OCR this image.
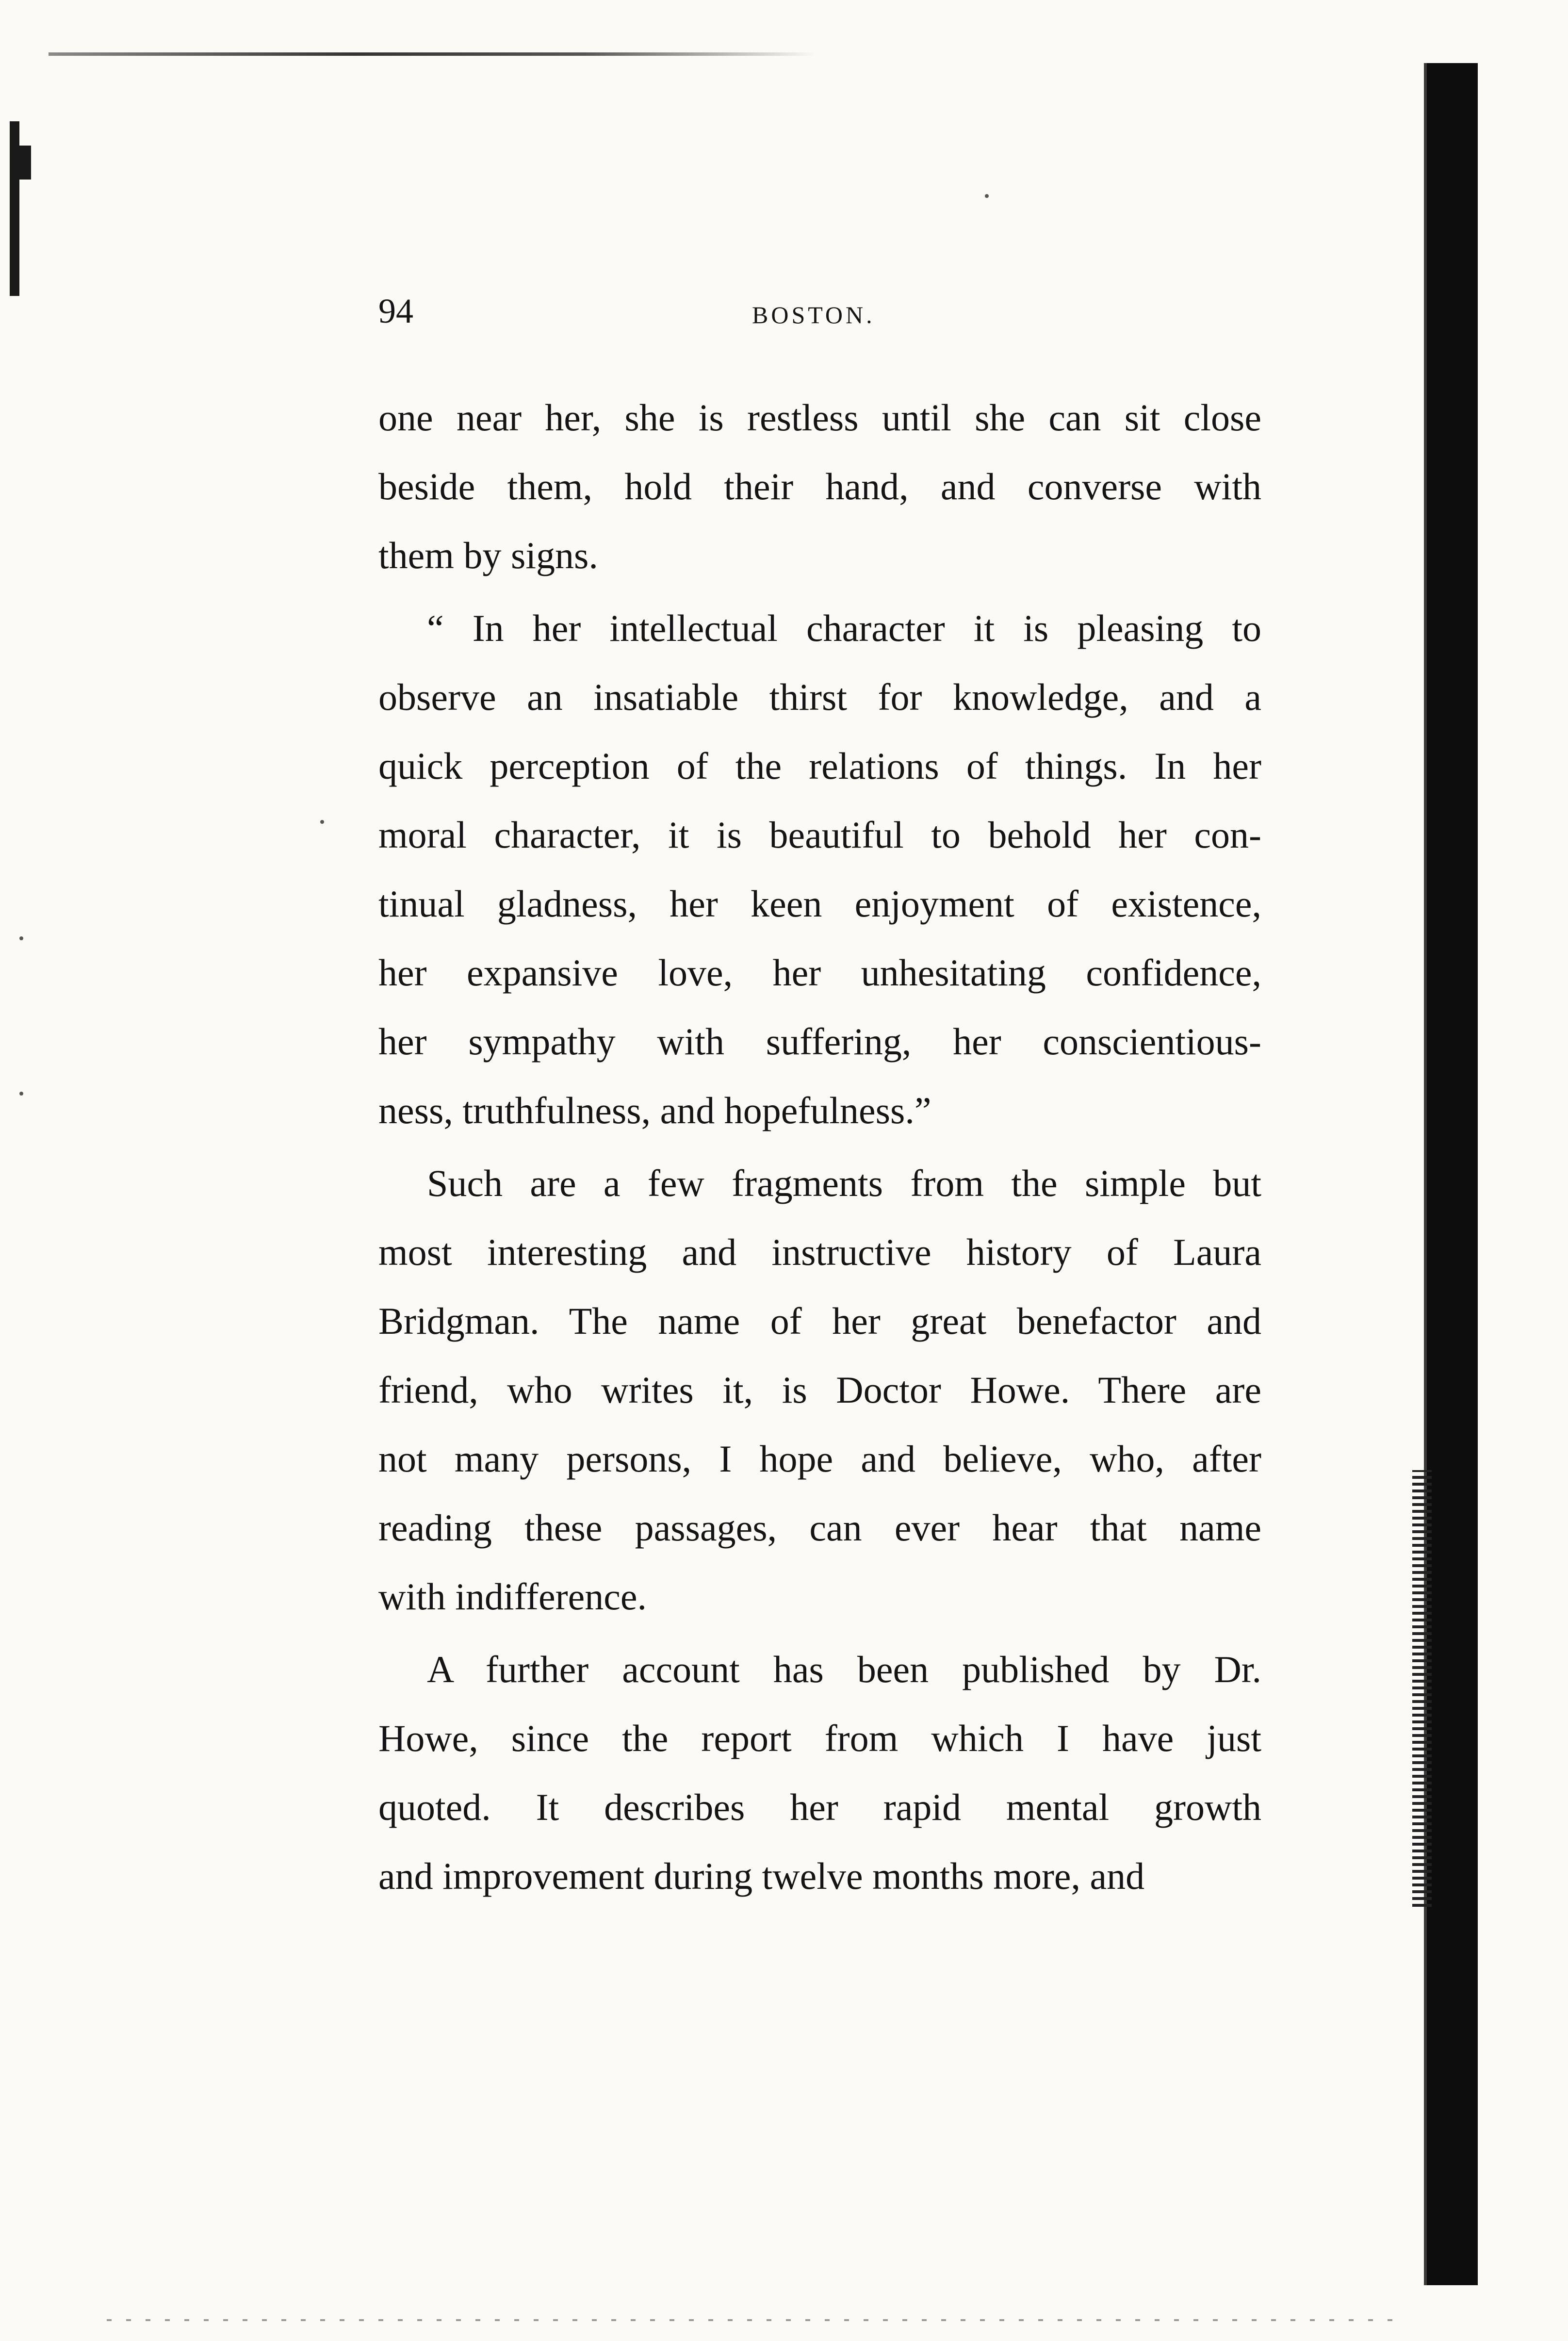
94	BOSTON.
one near her, she is restless until she can sit close
beside them, hold their hand, and converse with
them by signs.
“ In her intellectual character it is pleasing to
observe an insatiable thirst for knowledge, and a
quick perception of the relations of things. In her
moral character, it is beautiful to behold her con-
tinual gladness, her keen enjoyment of existence,
her expansive love, her unhesitating confidence,
her sympathy with suffering, her conscientious-
ness, truthfulness, and hopefulness.”
Such are a few fragments from the simple but
most interesting and instructive history of Laura
Bridgman. The name of her great benefactor and
friend, who writes it, is Doctor Howe. There are
not many persons, I hope and believe, who, after
reading these passages, can ever hear that name
with indifference.
A further account has been published by Dr.
Howe, since the report from which I have just
quoted. It describes her rapid mental growth
and improvement during twelve months more, and
